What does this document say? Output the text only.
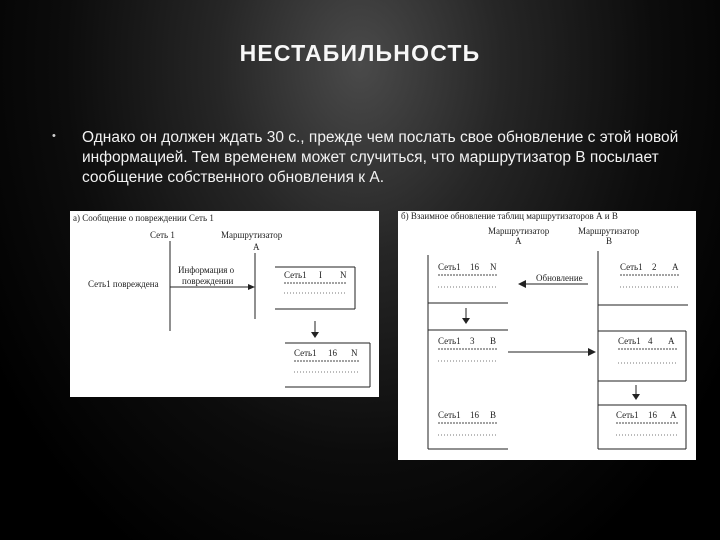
НЕСТАБИЛЬНОСТЬ
• Однако он должен ждать 30 с., прежде чем послать свое обновление с этой новой информацией. Тем временем может случиться, что маршрутизатор B посылает сообщение собственного обновления к А.
а) Сообщение о повреждении Сеть 1
Сеть 1	Маршрутизатор
A
Сеть1 повреждена
Информация о
повреждении
Сеть1 I N
Сеть1 16 N
б) Взаимное обновление таблиц маршрутизаторов А и В
Маршрутизатор
A
Маршрутизатор
B
Сеть1 16 N
Обновление
Сеть1 2 A
Сеть1 3 B	Сеть1 4 A
Сеть1 16 B	Сеть1 16 A
